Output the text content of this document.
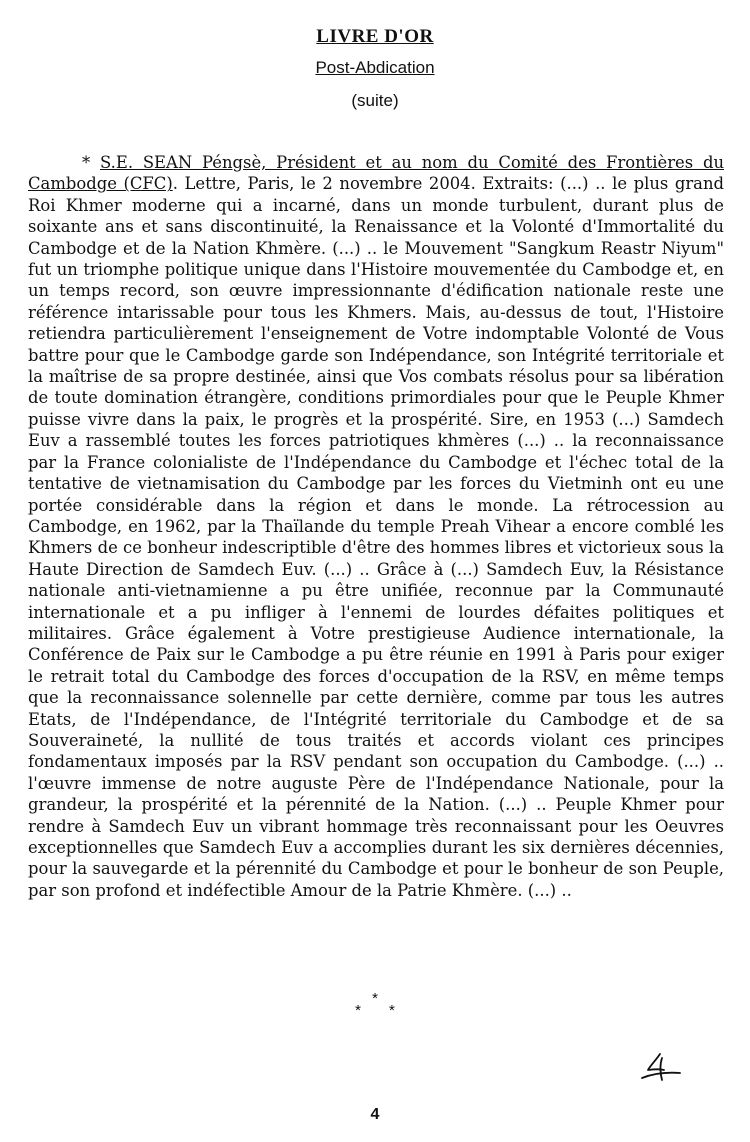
LIVRE D'OR
Post-Abdication
(suite)

* S.E. SEAN Péngsè, Président et au nom du Comité des Frontières du Cambodge (CFC). Lettre, Paris, le 2 novembre 2004. Extraits: (...) .. le plus grand Roi Khmer moderne qui a incarné, dans un monde turbulent, durant plus de soixante ans et sans discontinuité, la Renaissance et la Volonté d'Immortalité du Cambodge et de la Nation Khmère. (...) .. le Mouvement "Sangkum Reastr Niyum" fut un triomphe politique unique dans l'Histoire mouvementée du Cambodge et, en un temps record, son œuvre impressionnante d'édification nationale reste une référence intarissable pour tous les Khmers. Mais, au-dessus de tout, l'Histoire retiendra particulièrement l'enseignement de Votre indomptable Volonté de Vous battre pour que le Cambodge garde son Indépendance, son Intégrité territoriale et la maîtrise de sa propre destinée, ainsi que Vos combats résolus pour sa libération de toute domination étrangère, conditions primordiales pour que le Peuple Khmer puisse vivre dans la paix, le progrès et la prospérité. Sire, en 1953 (...) Samdech Euv a rassemblé toutes les forces patriotiques khmères (...) .. la reconnaissance par la France colonialiste de l'Indépendance du Cambodge et l'échec total de la tentative de vietnamisation du Cambodge par les forces du Vietminh ont eu une portée considérable dans la région et dans le monde. La rétrocession au Cambodge, en 1962, par la Thaïlande du temple Preah Vihear a encore comblé les Khmers de ce bonheur indescriptible d'être des hommes libres et victorieux sous la Haute Direction de Samdech Euv. (...) .. Grâce à (...) Samdech Euv, la Résistance nationale anti-vietnamienne a pu être unifiée, reconnue par la Communauté internationale et a pu infliger à l'ennemi de lourdes défaites politiques et militaires. Grâce également à Votre prestigieuse Audience internationale, la Conférence de Paix sur le Cambodge a pu être réunie en 1991 à Paris pour exiger le retrait total du Cambodge des forces d'occupation de la RSV, en même temps que la reconnaissance solennelle par cette dernière, comme par tous les autres Etats, de l'Indépendance, de l'Intégrité territoriale du Cambodge et de sa Souveraineté, la nullité de tous traités et accords violant ces principes fondamentaux imposés par la RSV pendant son occupation du Cambodge. (...) .. l'œuvre immense de notre auguste Père de l'Indépendance Nationale, pour la grandeur, la prospérité et la pérennité de la Nation. (...) .. Peuple Khmer pour rendre à Samdech Euv un vibrant hommage très reconnaissant pour les Oeuvres exceptionnelles que Samdech Euv a accomplies durant les six dernières décennies, pour la sauvegarde et la pérennité du Cambodge et pour le bonheur de son Peuple, par son profond et indéfectible Amour de la Patrie Khmère. (...) ..

*
* *
4
